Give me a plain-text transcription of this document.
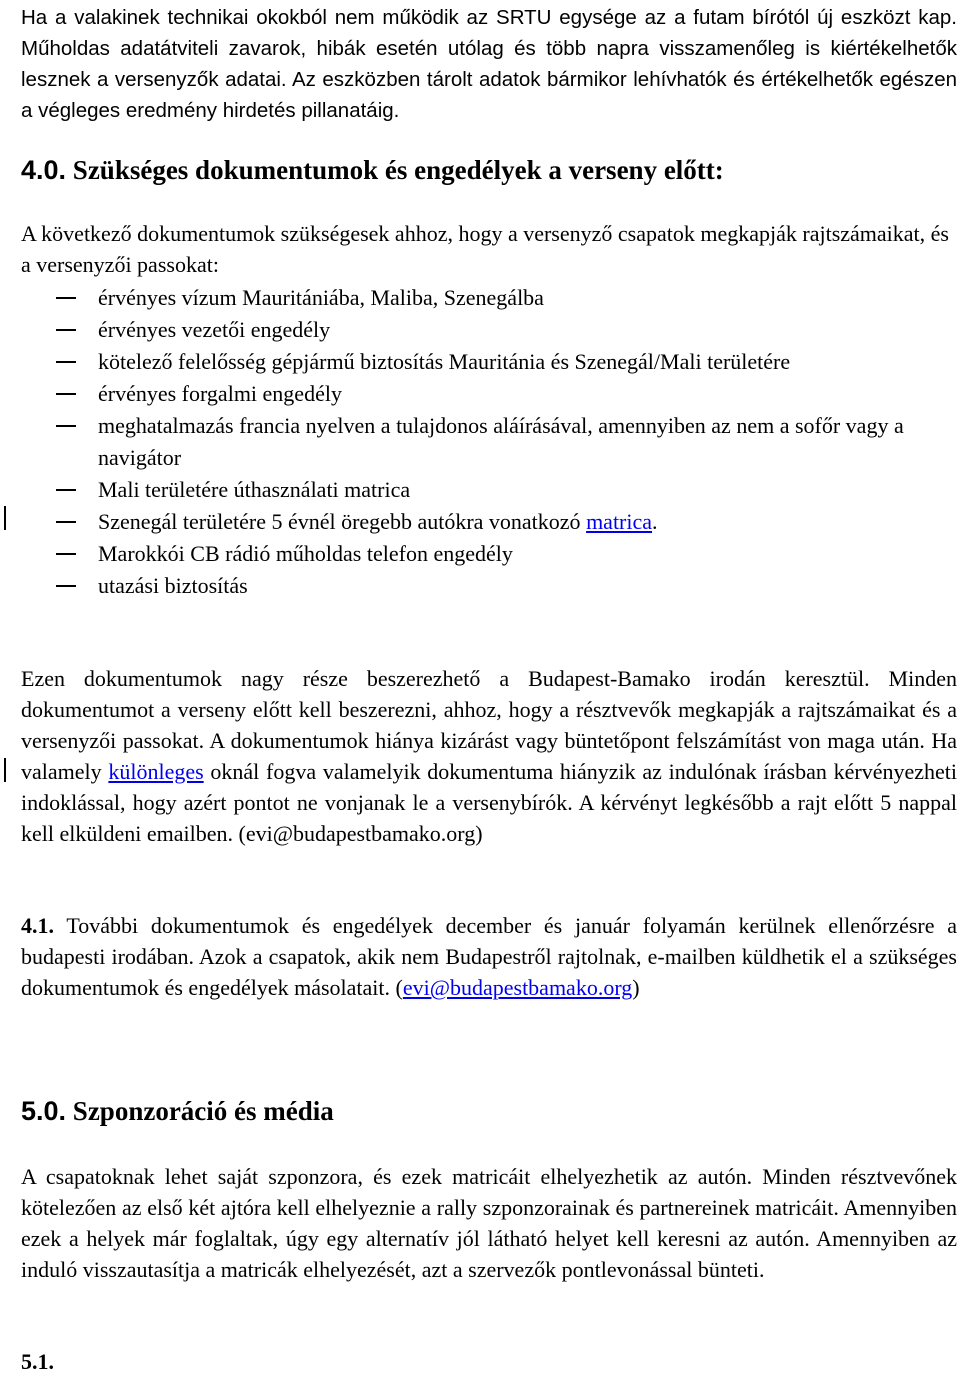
Ha a valakinek technikai okokból nem működik az SRTU egysége az a futam bírótól új eszközt kap. Műholdas adatátviteli zavarok, hibák esetén utólag és több napra visszamenőleg is kiértékelhetők lesznek a versenyzők adatai. Az eszközben tárolt adatok bármikor lehívhatók és értékelhetők egészen a végleges eredmény hirdetés pillanatáig.

4.0. Szükséges dokumentumok és engedélyek a verseny előtt:

A következő dokumentumok szükségesek ahhoz, hogy a versenyző csapatok megkapják rajtszámaikat, és a versenyzői passokat:

érvényes vízum Mauritániába, Maliba, Szenegálba
érvényes vezetői engedély
kötelező felelősség gépjármű biztosítás Mauritánia és Szenegál/Mali területére
érvényes forgalmi engedély
meghatalmazás francia nyelven a tulajdonos aláírásával, amennyiben az nem a sofőr vagy a navigátor
Mali területére úthasználati matrica
Szenegál területére 5 évnél öregebb autókra vonatkozó matrica.
Marokkói CB rádió műholdas telefon engedély
utazási biztosítás

Ezen dokumentumok nagy része beszerezhető a Budapest-Bamako irodán keresztül. Minden dokumentumot a verseny előtt kell beszerezni, ahhoz, hogy a résztvevők megkapják a rajtszámaikat és a versenyzői passokat. A dokumentumok hiánya kizárást vagy büntetőpont felszámítást von maga után. Ha valamely különleges oknál fogva valamelyik dokumentuma hiányzik az indulónak írásban kérvényezheti indoklással, hogy azért pontot ne vonjanak le a versenybírók. A kérvényt legkésőbb a rajt előtt 5 nappal kell elküldeni emailben. (evi@budapestbamako.org)

4.1. További dokumentumok és engedélyek december és január folyamán kerülnek ellenőrzésre a budapesti irodában. Azok a csapatok, akik nem Budapestről rajtolnak, e-mailben küldhetik el a szükséges dokumentumok és engedélyek másolatait. (evi@budapestbamako.org)

5.0. Szponzoráció és média

A csapatoknak lehet saját szponzora, és ezek matricáit elhelyezhetik az autón. Minden résztvevőnek kötelezően az első két ajtóra kell elhelyeznie a rally szponzorainak és partnereinek matricáit. Amennyiben ezek a helyek már foglaltak, úgy egy alternatív jól látható helyet kell keresni az autón. Amennyiben az induló visszautasítja a matricák elhelyezését, azt a szervezők pontlevonással bünteti.

5.1.
